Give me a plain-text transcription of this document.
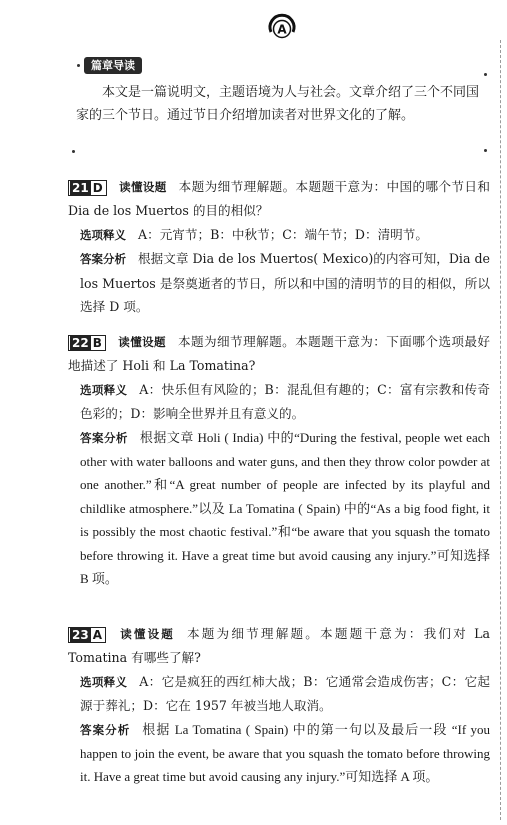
A
篇章导读

本文是一篇说明文，主题语境为人与社会。文章介绍了三个不同国家的三个节日。通过节日介绍增加读者对世界文化的了解。

21 D 读懂设题 本题为细节理解题。本题题干意为：中国的哪个节日和 Dia de los Muertos 的目的相似？

选项释义 A：元宵节；B：中秋节；C：端午节；D：清明节。

答案分析 根据文章 Dia de los Muertos( Mexico)的内容可知，Dia de los Muertos 是祭奠逝者的节日，所以和中国的清明节的目的相似，所以选择 D 项。

22 B 读懂设题 本题为细节理解题。本题题干意为：下面哪个选项最好地描述了 Holi 和 La Tomatina?

选项释义 A：快乐但有风险的；B：混乱但有趣的；C：富有宗教和传奇色彩的；D：影响全世界并且有意义的。

答案分析 根据文章 Holi ( India) 中的“During the festival, people wet each other with water balloons and water guns, and then they throw color powder at one another.”和“A great number of people are infected by its playful and childlike atmosphere.”以及 La Tomatina ( Spain) 中的“As a big food fight, it is possibly the most chaotic festival.”和“be aware that you squash the tomato before throwing it. Have a great time but avoid causing any injury.”可知选择 B 项。

23 A 读懂设题 本题为细节理解题。本题题干意为：我们对 La Tomatina 有哪些了解?

选项释义 A：它是疯狂的西红柿大战；B：它通常会造成伤害；C：它起源于葬礼；D：它在 1957 年被当地人取消。

答案分析 根据 La Tomatina ( Spain) 中的第一句以及最后一段 “If you happen to join the event, be aware that you squash the tomato before throwing it. Have a great time but avoid causing any injury.”可知选择 A 项。
